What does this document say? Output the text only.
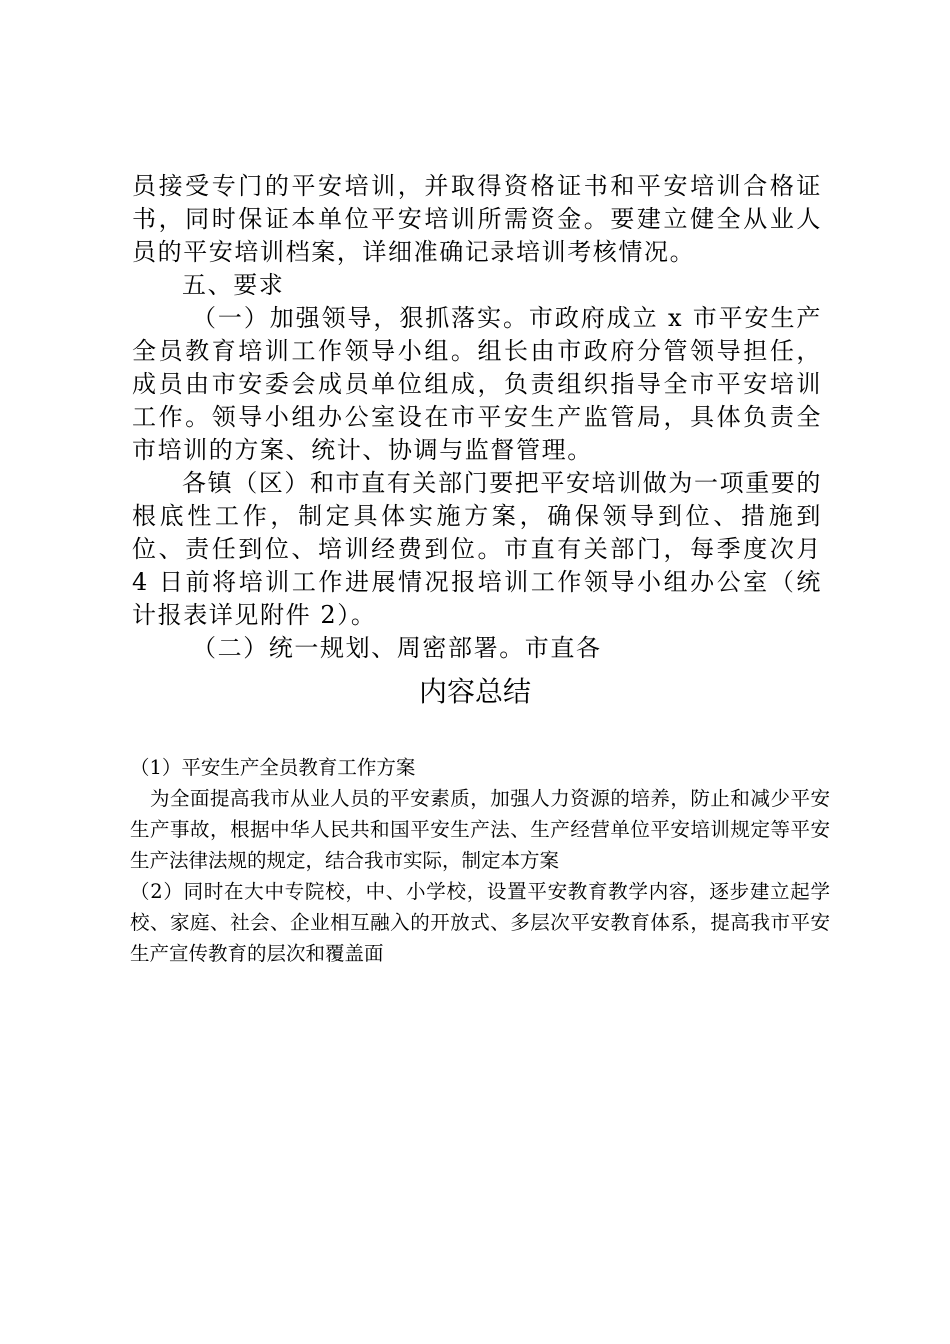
员接受专门的平安培训，并取得资格证书和平安培训合格证书，同时保证本单位平安培训所需资金。要建立健全从业人员的平安培训档案，详细准确记录培训考核情况。

五、要求

（一）加强领导，狠抓落实。市政府成立 x 市平安生产全员教育培训工作领导小组。组长由市政府分管领导担任，成员由市安委会成员单位组成，负责组织指导全市平安培训工作。领导小组办公室设在市平安生产监管局，具体负责全市培训的方案、统计、协调与监督管理。

各镇（区）和市直有关部门要把平安培训做为一项重要的根底性工作，制定具体实施方案，确保领导到位、措施到位、责任到位、培训经费到位。市直有关部门，每季度次月 4 日前将培训工作进展情况报培训工作领导小组办公室（统计报表详见附件 2）。

（二）统一规划、周密部署。市直各

内容总结

（1）平安生产全员教育工作方案

为全面提高我市从业人员的平安素质，加强人力资源的培养，防止和减少平安生产事故，根据中华人民共和国平安生产法、生产经营单位平安培训规定等平安生产法律法规的规定，结合我市实际，制定本方案

（2）同时在大中专院校，中、小学校，设置平安教育教学内容，逐步建立起学校、家庭、社会、企业相互融入的开放式、多层次平安教育体系，提高我市平安生产宣传教育的层次和覆盖面
